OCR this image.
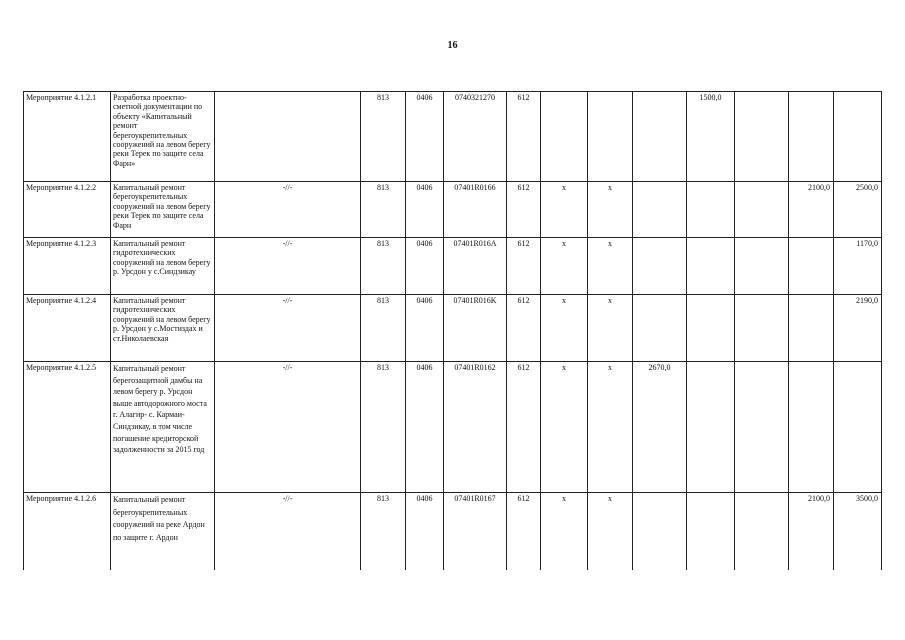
16
Мероприятие 4.1.2.1	Разработка проектно-сметной документации по объекту «Капитальный ремонт берегоукрепительных сооружений на левом берегу реки Терек по защите села Фарн»		813	0406	0740321270	612				1500,0			
Мероприятие 4.1.2.2	Капитальный ремонт берегоукрепительных сооружений на левом берегу реки Терек по защите села Фарн	-//-	813	0406	07401R0166	612	х	х				2100,0	2500,0
Мероприятие 4.1.2.3	Капитальный ремонт гидротехнических сооружений на левом берегу р. Урсдон у с.Синдзикау	-//-	813	0406	07401R016A	612	х	х					1170,0
Мероприятие 4.1.2.4	Капитальный ремонт гидротехнических сооружений на левом берегу р. Урсдон у с.Мостиздах и ст.Николаевская	-//-	813	0406	07401R016K	612	х	х					2190,0
Мероприятие 4.1.2.5	Капитальный ремонт берегозащитной дамбы на левом берегу р. Урсдон выше автодорожного моста г. Алагир- с. Кармаи-Синдзикау, в том числе погашение кредиторской задолженности за 2015 год	-//-	813	0406	07401R0162	612	х	х	2670,0				
Мероприятие 4.1.2.6	Капитальный ремонт берегоукрепительных сооружений на реке Ардон по защите г. Ардон	-//-	813	0406	07401R0167	612	х	х				2100,0	3500,0
